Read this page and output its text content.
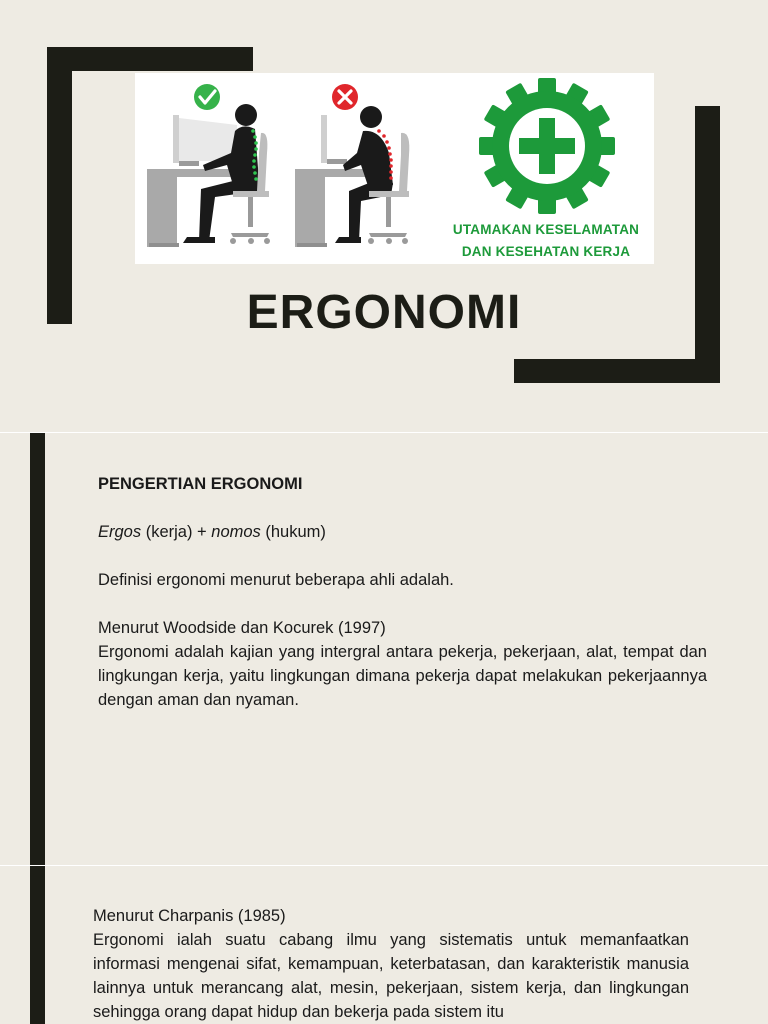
UTAMAKAN KESELAMATAN
DAN KESEHATAN KERJA
ERGONOMI

PENGERTIAN ERGONOMI

Ergos (kerja) + nomos (hukum)

Definisi ergonomi menurut beberapa ahli adalah.

Menurut Woodside dan Kocurek (1997)

Ergonomi adalah kajian yang intergral antara pekerja, pekerjaan, alat, tempat dan lingkungan kerja, yaitu lingkungan dimana pekerja dapat melakukan pekerjaannya dengan aman dan nyaman.

Menurut Charpanis (1985)

Ergonomi ialah suatu cabang ilmu yang sistematis untuk memanfaatkan informasi mengenai sifat, kemampuan, keterbatasan, dan karakteristik manusia lainnya untuk merancang alat, mesin, pekerjaan, sistem kerja, dan lingkungan sehingga orang dapat hidup dan bekerja pada sistem itu
